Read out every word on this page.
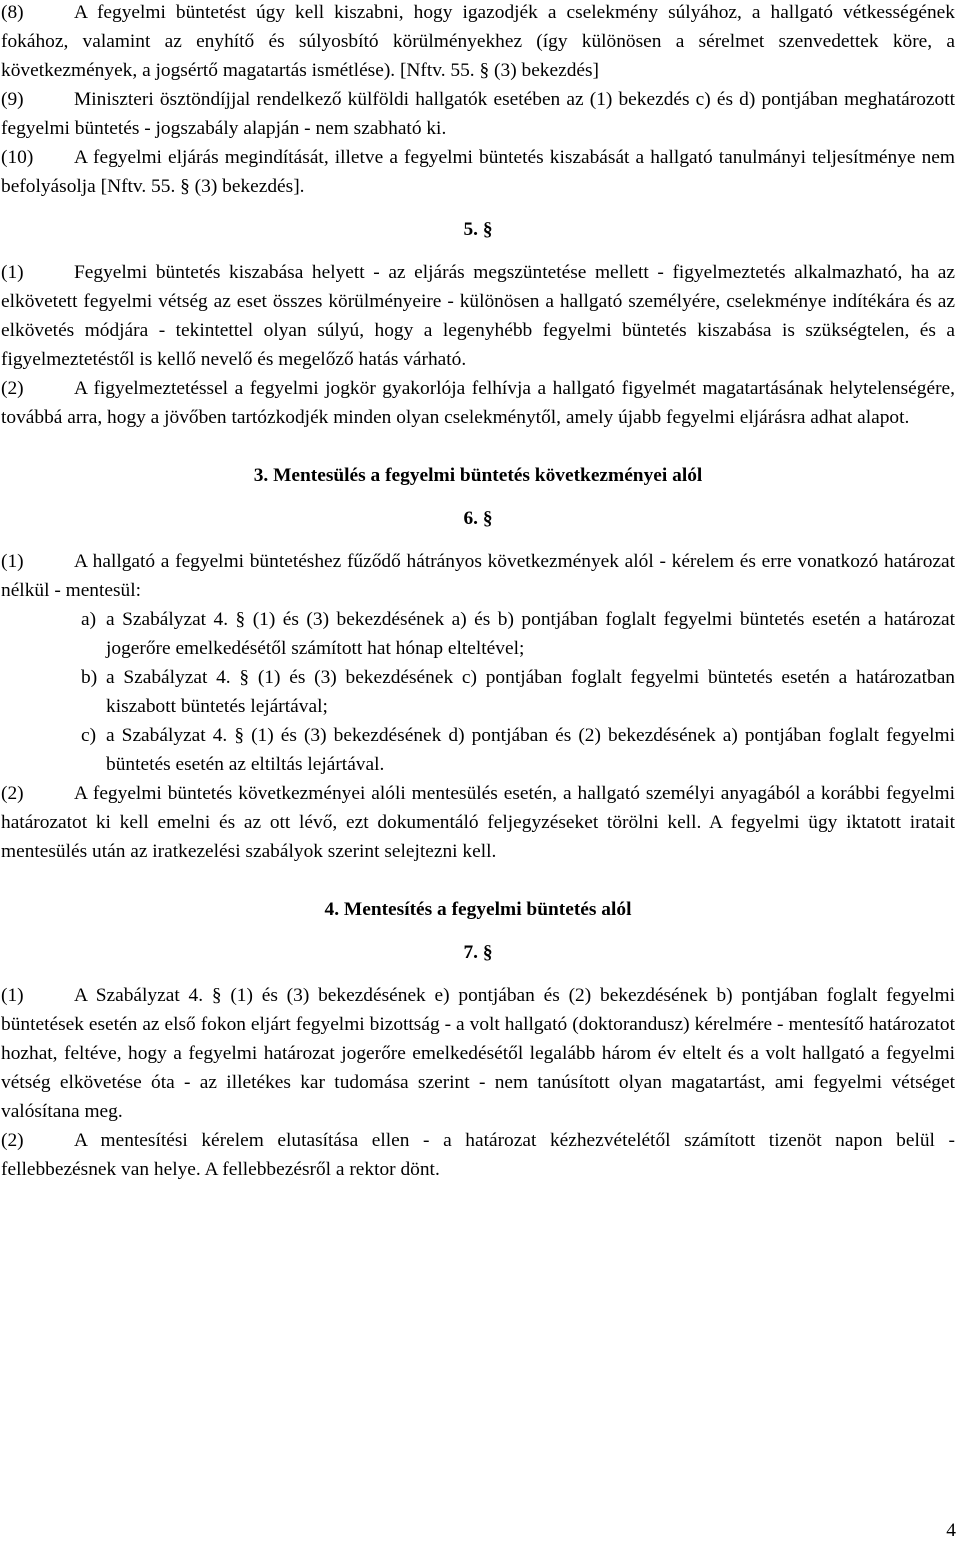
(8)	A fegyelmi büntetést úgy kell kiszabni, hogy igazodjék a cselekmény súlyához, a hallgató vétkességének fokához, valamint az enyhítő és súlyosbító körülményekhez (így különösen a sérelmet szenvedettek köre, a következmények, a jogsértő magatartás ismétlése). [Nftv. 55. § (3) bekezdés]

(9)	Miniszteri ösztöndíjjal rendelkező külföldi hallgatók esetében az (1) bekezdés c) és d) pontjában meghatározott fegyelmi büntetés - jogszabály alapján - nem szabható ki.

(10) A fegyelmi eljárás megindítását, illetve a fegyelmi büntetés kiszabását a hallgató tanulmányi teljesítménye nem befolyásolja [Nftv. 55. § (3) bekezdés].

5. §

(1)	Fegyelmi büntetés kiszabása helyett - az eljárás megszüntetése mellett - figyelmeztetés alkalmazható, ha az elkövetett fegyelmi vétség az eset összes körülményeire - különösen a hallgató személyére, cselekménye indítékára és az elkövetés módjára - tekintettel olyan súlyú, hogy a legenyhébb fegyelmi büntetés kiszabása is szükségtelen, és a figyelmeztetéstől is kellő nevelő és megelőző hatás várható.

(2)	A figyelmeztetéssel a fegyelmi jogkör gyakorlója felhívja a hallgató figyelmét magatartásának helytelenségére, továbbá arra, hogy a jövőben tartózkodjék minden olyan cselekménytől, amely újabb fegyelmi eljárásra adhat alapot.

3. Mentesülés a fegyelmi büntetés következményei alól

6. §

(1)	A hallgató a fegyelmi büntetéshez fűződő hátrányos következmények alól - kérelem és erre vonatkozó határozat nélkül - mentesül:

a) a Szabályzat 4. § (1) és (3) bekezdésének a) és b) pontjában foglalt fegyelmi büntetés esetén a határozat jogerőre emelkedésétől számított hat hónap elteltével;
b) a Szabályzat 4. § (1) és (3) bekezdésének c) pontjában foglalt fegyelmi büntetés esetén a határozatban kiszabott büntetés lejártával;
c) a Szabályzat 4. § (1) és (3) bekezdésének d) pontjában és (2) bekezdésének a) pontjában foglalt fegyelmi büntetés esetén az eltiltás lejártával.

(2)	A fegyelmi büntetés következményei alóli mentesülés esetén, a hallgató személyi anyagából a korábbi fegyelmi határozatot ki kell emelni és az ott lévő, ezt dokumentáló feljegyzéseket törölni kell. A fegyelmi ügy iktatott iratait mentesülés után az iratkezelési szabályok szerint selejtezni kell.

4. Mentesítés a fegyelmi büntetés alól

7. §

(1)	A Szabályzat 4. § (1) és (3) bekezdésének e) pontjában és (2) bekezdésének b) pontjában foglalt fegyelmi büntetések esetén az első fokon eljárt fegyelmi bizottság - a volt hallgató (doktorandusz) kérelmére - mentesítő határozatot hozhat, feltéve, hogy a fegyelmi határozat jogerőre emelkedésétől legalább három év eltelt és a volt hallgató a fegyelmi vétség elkövetése óta - az illetékes kar tudomása szerint - nem tanúsított olyan magatartást, ami fegyelmi vétséget valósítana meg.

(2)	A mentesítési kérelem elutasítása ellen - a határozat kézhezvételétől számított tizenöt napon belül - fellebbezésnek van helye. A fellebbezésről a rektor dönt.

4
